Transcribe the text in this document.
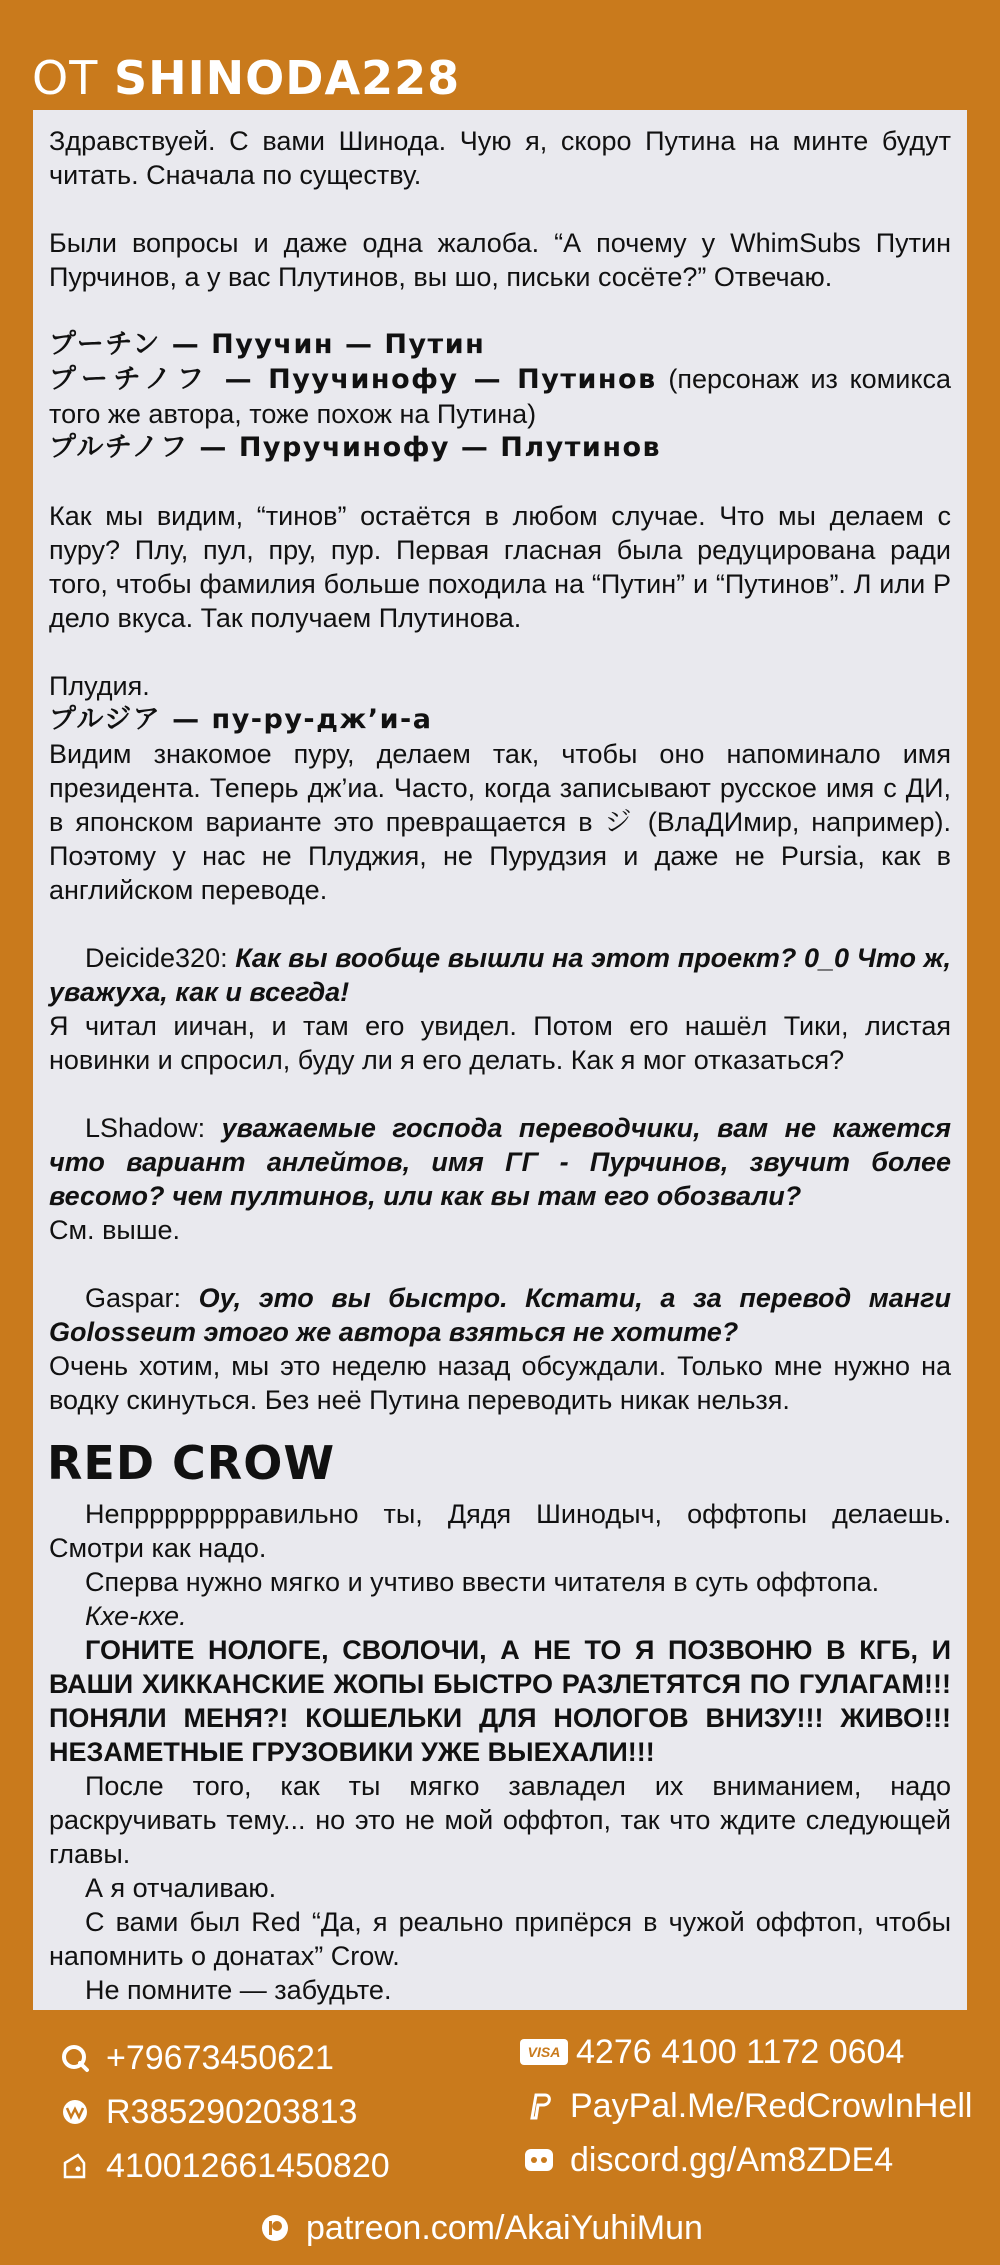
ОТ SHINODA228

Здравствуей. С вами Шинода. Чую я, скоро Путина на минте будут читать. Сначала по существу.

Были вопросы и даже одна жалоба. “А почему у WhimSubs Путин Пурчинов, а у вас Плутинов, вы шо, письки сосёте?” Отвечаю.

プーチン — Пуучин — Путин

プーチノフ — Пуучинофу — Путинов (персонаж из комикса того же автора, тоже похож на Путина)

プルチノフ — Пуручинофу — Плутинов

Как мы видим, “тинов” остаётся в любом случае. Что мы делаем с пуру? Плу, пул, пру, пур. Первая гласная была редуцирована ради того, чтобы фамилия больше походила на “Путин” и “Путинов”. Л или Р дело вкуса. Так получаем Плутинова.

Плудия.

プルジア — пу-ру-дж’и-а

Видим знакомое пуру, делаем так, чтобы оно напоминало имя президента. Теперь дж’иа. Часто, когда записывают русское имя с ДИ, в японском варианте это превращается в ジ (ВлаДИмир, например). Поэтому у нас не Плуджия, не Пурудзия и даже не Pursia, как в английском переводе.

Deicide320: Как вы вообще вышли на этот проект? 0_0 Что ж, уважуха, как и всегда!

Я читал иичан, и там его увидел. Потом его нашёл Тики, листая новинки и спросил, буду ли я его делать. Как я мог отказаться?

LShadow: уважаемые господа переводчики, вам не кажется что вариант анлейтов, имя ГГ - Пурчинов, звучит более весомо? чем пултинов, или как вы там его обозвали?

См. выше.

Gaspar: Оу, это вы быстро. Кстати, а за перевод манги Golosseum этого же автора взяться не хотите?

Очень хотим, мы это неделю назад обсуждали. Только мне нужно на водку скинуться. Без неё Путина переводить никак нельзя.

RED CROW

Непрррррррравильно ты, Дядя Шинодыч, оффтопы делаешь. Смотри как надо.

Сперва нужно мягко и учтиво ввести читателя в суть оффтопа.

Кхе-кхе.

ГОНИТЕ НОЛОГЕ, СВОЛОЧИ, А НЕ ТО Я ПОЗВОНЮ В КГБ, И ВАШИ ХИККАНСКИЕ ЖОПЫ БЫСТРО РАЗЛЕТЯТСЯ ПО ГУЛАГАМ!!! ПОНЯЛИ МЕНЯ?! КОШЕЛЬКИ ДЛЯ НОЛОГОВ ВНИЗУ!!! ЖИВО!!! НЕЗАМЕТНЫЕ ГРУЗОВИКИ УЖЕ ВЫЕХАЛИ!!!

После того, как ты мягко завладел их вниманием, надо раскручивать тему... но это не мой оффтоп, так что ждите следующей главы.

А я отчаливаю.

С вами был Red “Да, я реально припёрся в чужой оффтоп, чтобы напомнить о донатах” Crow.

Не помните — забудьте.

+79673450621
R385290203813
410012661450820
VISA 4276 4100 1172 0604
PayPal.Me/RedCrowInHell
discord.gg/Am8ZDE4
patreon.com/AkaiYuhiMun
